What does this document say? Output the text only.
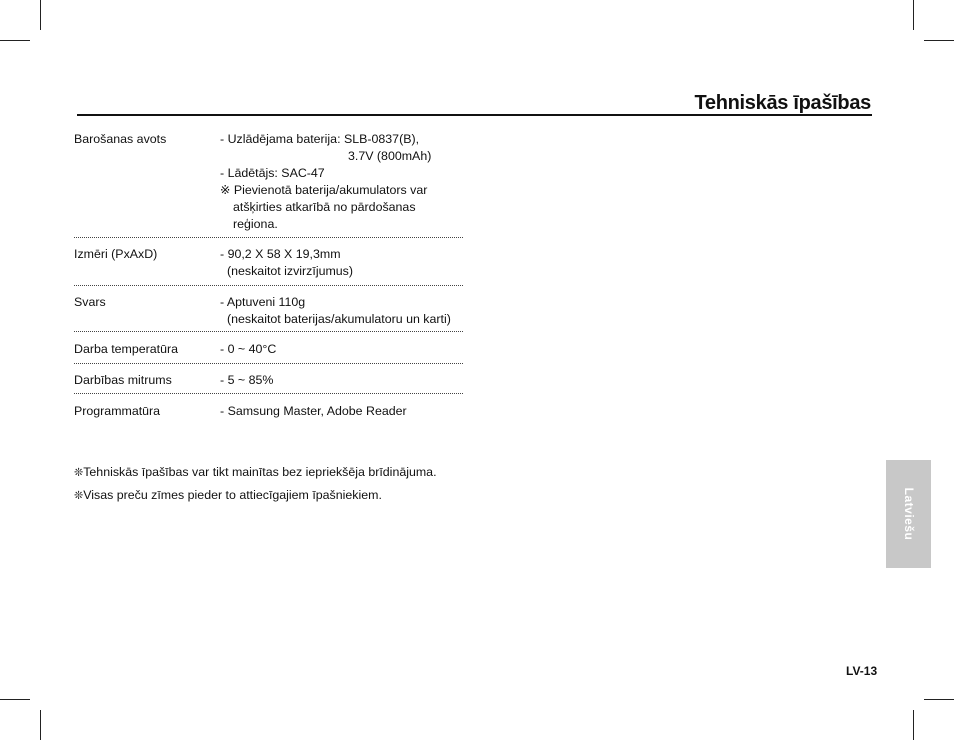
Tehniskās īpašības
Barošanas avots	- Uzlādējama baterija: SLB-0837(B),
3.7V (800mAh)
- Lādētājs: SAC-47
※ Pievienotā baterija/akumulators var
atšķirties atkarībā no pārdošanas
reģiona.
Izmēri (PxAxD)	- 90,2 X 58 X 19,3mm
(neskaitot izvirzījumus)
Svars	- Aptuveni 110g
(neskaitot baterijas/akumulatoru un karti)
Darba temperatūra	- 0 ~ 40°C
Darbības mitrums	- 5 ~ 85%
Programmatūra	- Samsung Master, Adobe Reader
❊Tehniskās īpašības var tikt mainītas bez iepriekšēja brīdinājuma.
❊Visas preču zīmes pieder to attiecīgajiem īpašniekiem.	Latviešu
LV-13
